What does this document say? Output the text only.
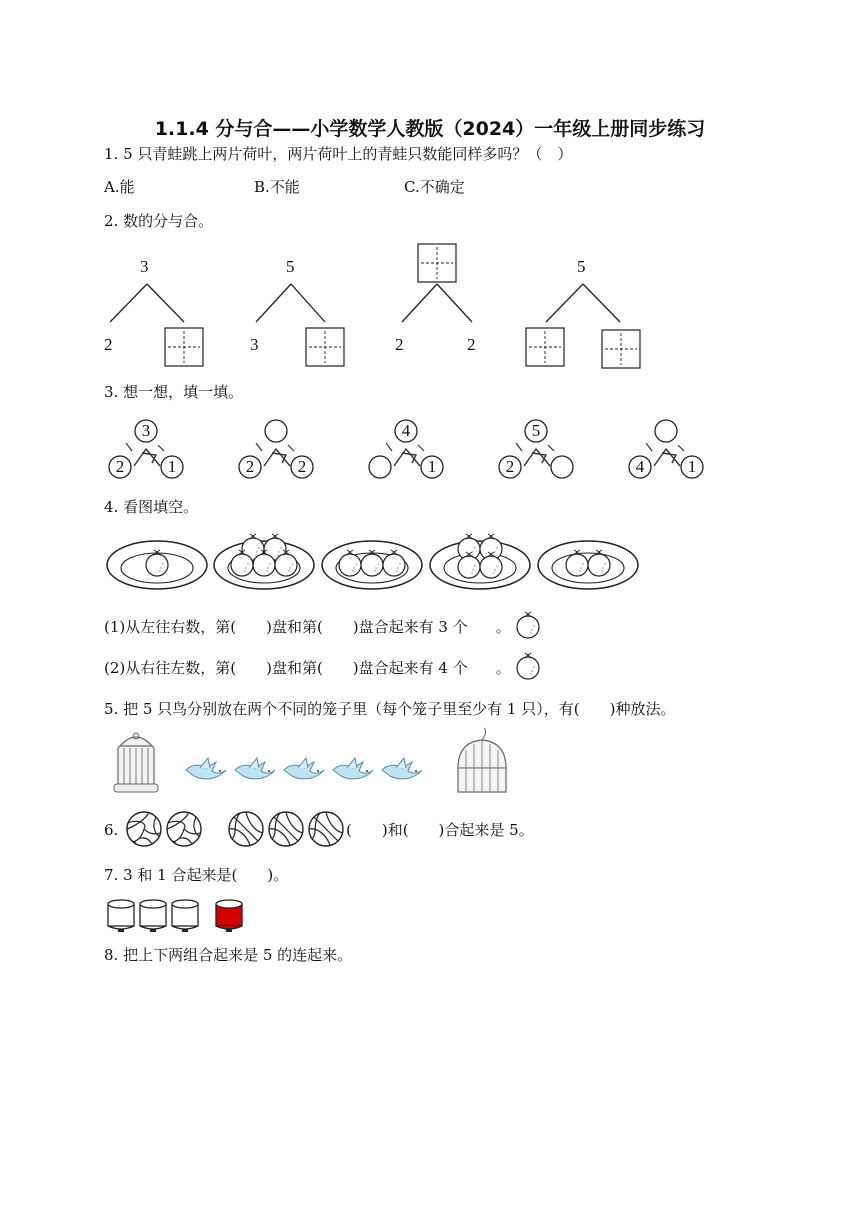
1.1.4 分与合——小学数学人教版（2024）一年级上册同步练习
1. 5 只青蛙跳上两片荷叶，两片荷叶上的青蛙只数能同样多吗？（　）
A.能	B.不能	C.不确定
2. 数的分与合。
3
2
5
3	2	2
5
3
2	1	2	2
4
1
5
2	4	1
3. 想一想，填一填。
4. 看图填空。
(1)从左往右数，第(　　)盘和第(　　)盘合起来有 3 个 。
(2)从右往左数，第(　　)盘和第(　　)盘合起来有 4 个 。
5. 把 5 只鸟分别放在两个不同的笼子里（每个笼子里至少有 1 只），有(　　)种放法。
6.	(　　)和(　　)合起来是 5。
7. 3 和 1 合起来是(　　)。
8. 把上下两组合起来是 5 的连起来。
